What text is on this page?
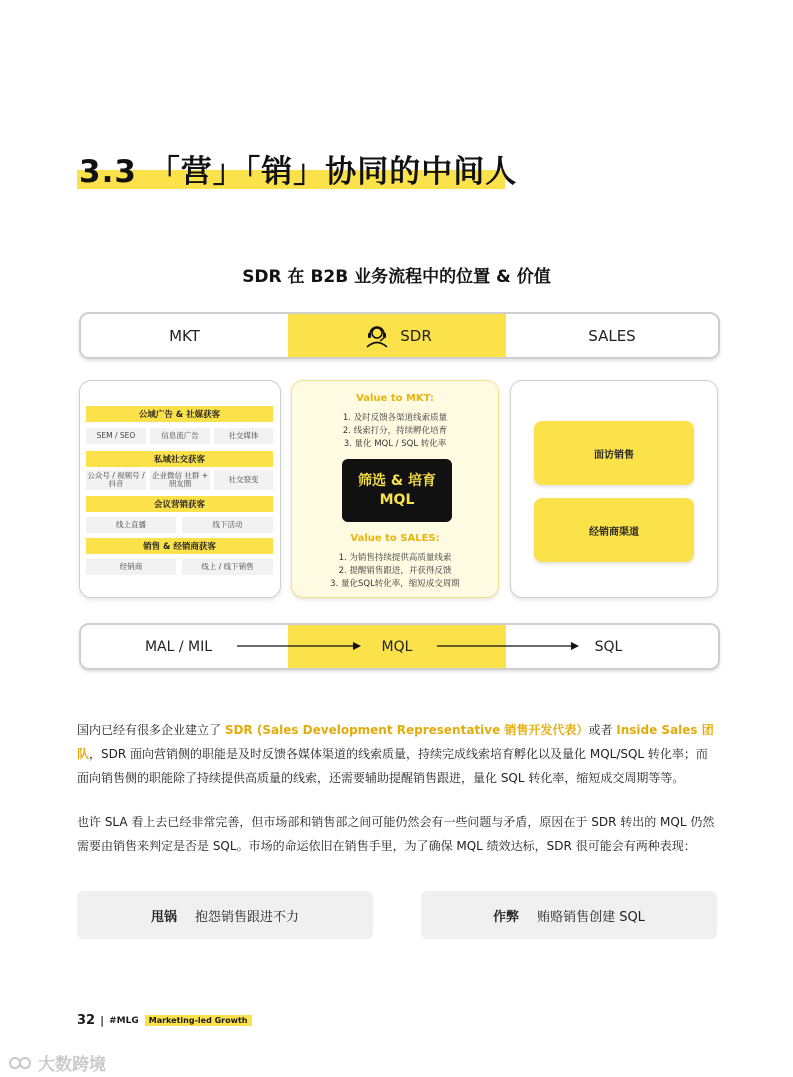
3.3 「营」「销」协同的中间人
SDR 在 B2B 业务流程中的位置 & 价值
MKT	SDR	SALES
公域广告 & 社媒获客
SEM / SEO	信息流广告	社交媒体
私域社交获客
公众号 / 视频号 / 抖音
企业微信 社群 + 朋友圈	社交裂变
会议营销获客
线上直播	线下活动
销售 & 经销商获客
经销商	线上 / 线下销售
Value to MKT:
1. 及时反馈各渠道线索质量
2. 线索打分，持续孵化培育
3. 量化 MQL / SQL 转化率
筛选 & 培育
MQL
Value to SALES:
1. 为销售持续提供高质量线索
2. 提醒销售跟进，并获得反馈
3. 量化SQL转化率，缩短成交周期
面访销售
经销商渠道
MAL / MIL	MQL	SQL
国内已经有很多企业建立了 SDR (Sales Development Representative 销售开发代表）或者 Inside Sales 团队，SDR 面向营销侧的职能是及时反馈各媒体渠道的线索质量，持续完成线索培育孵化以及量化 MQL/SQL 转化率；而面向销售侧的职能除了持续提供高质量的线索，还需要辅助提醒销售跟进，量化 SQL 转化率，缩短成交周期等等。
也许 SLA 看上去已经非常完善，但市场部和销售部之间可能仍然会有一些问题与矛盾，原因在于 SDR 转出的 MQL 仍然需要由销售来判定是否是 SQL。市场的命运依旧在销售手里，为了确保 MQL 绩效达标，SDR 很可能会有两种表现：
甩锅 抱怨销售跟进不力	作弊 贿赂销售创建 SQL
32 | #MLG	Marketing-led Growth
大数跨境
